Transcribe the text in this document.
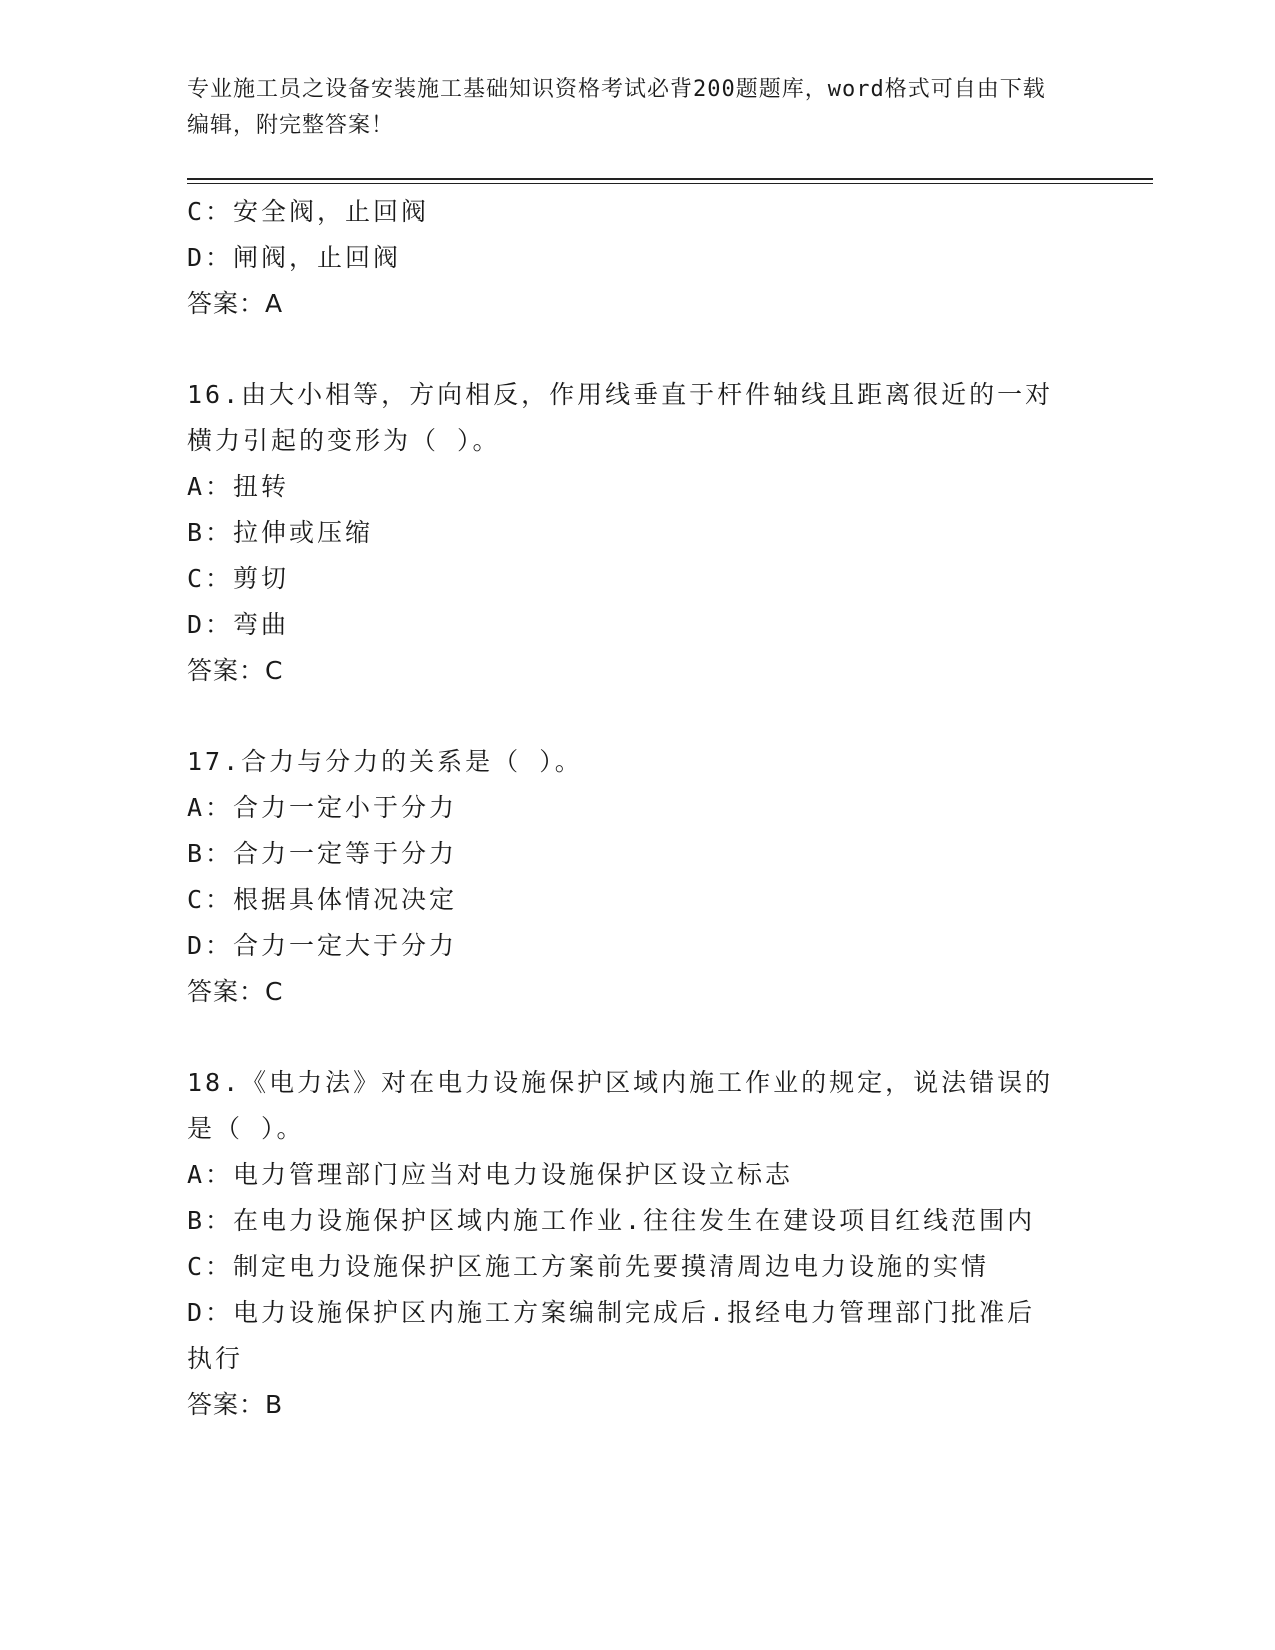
专业施工员之设备安装施工基础知识资格考试必背200题题库，word格式可自由下载编辑，附完整答案！
C：安全阀，止回阀
D：闸阀，止回阀
答案：A
16.由大小相等，方向相反，作用线垂直于杆件轴线且距离很近的一对
横力引起的变形为（ ）。
A：扭转
B：拉伸或压缩
C：剪切
D：弯曲
答案：C
17.合力与分力的关系是（ ）。
A：合力一定小于分力
B：合力一定等于分力
C：根据具体情况决定
D：合力一定大于分力
答案：C
18.《电力法》对在电力设施保护区域内施工作业的规定，说法错误的
是（ ）。
A：电力管理部门应当对电力设施保护区设立标志
B：在电力设施保护区域内施工作业.往往发生在建设项目红线范围内
C：制定电力设施保护区施工方案前先要摸清周边电力设施的实情
D：电力设施保护区内施工方案编制完成后.报经电力管理部门批准后
执行
答案：B
